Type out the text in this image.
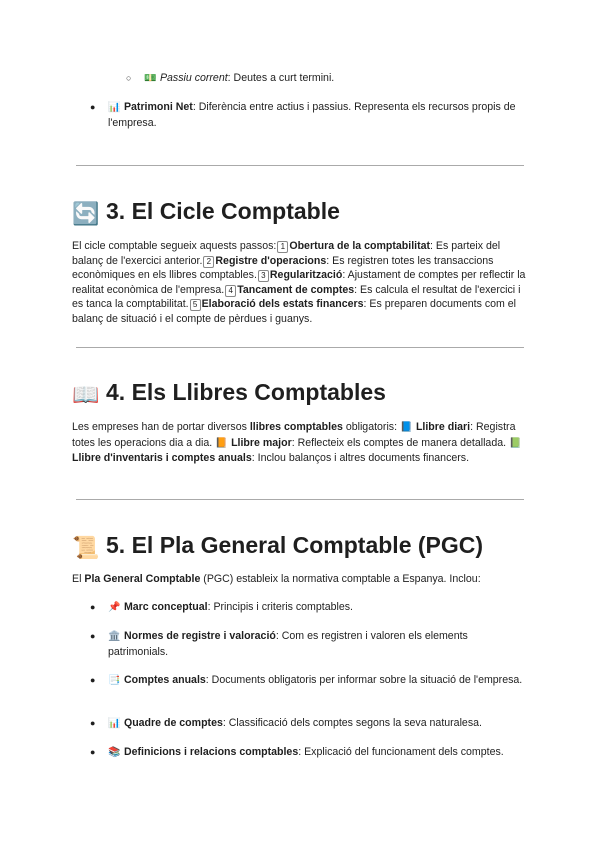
○ 💵 Passiu corrent: Deutes a curt termini.
● 📊 Patrimoni Net: Diferència entre actius i passius. Representa els recursos propis de l'empresa.
🔄 3. El Cicle Comptable

El cicle comptable segueix aquests passos: 1 Obertura de la comptabilitat: Es parteix del balanç de l'exercici anterior. 2 Registre d'operacions: Es registren totes les transaccions econòmiques en els llibres comptables. 3 Regularització: Ajustament de comptes per reflectir la realitat econòmica de l'empresa. 4 Tancament de comptes: Es calcula el resultat de l'exercici i es tanca la comptabilitat. 5 Elaboració dels estats financers: Es preparen documents com el balanç de situació i el compte de pèrdues i guanys.

📖 4. Els Llibres Comptables

Les empreses han de portar diversos llibres comptables obligatoris: 📘 Llibre diari: Registra totes les operacions dia a dia. 📙 Llibre major: Reflecteix els comptes de manera detallada. 📗 Llibre d'inventaris i comptes anuals: Inclou balanços i altres documents financers.

📜 5. El Pla General Comptable (PGC)

El Pla General Comptable (PGC) estableix la normativa comptable a Espanya. Inclou:

● 📌 Marc conceptual: Principis i criteris comptables.
● 🏛️ Normes de registre i valoració: Com es registren i valoren els elements patrimonials.
● 📑 Comptes anuals: Documents obligatoris per informar sobre la situació de l'empresa.
● 📊 Quadre de comptes: Classificació dels comptes segons la seva naturalesa.
● 📚 Definicions i relacions comptables: Explicació del funcionament dels comptes.
